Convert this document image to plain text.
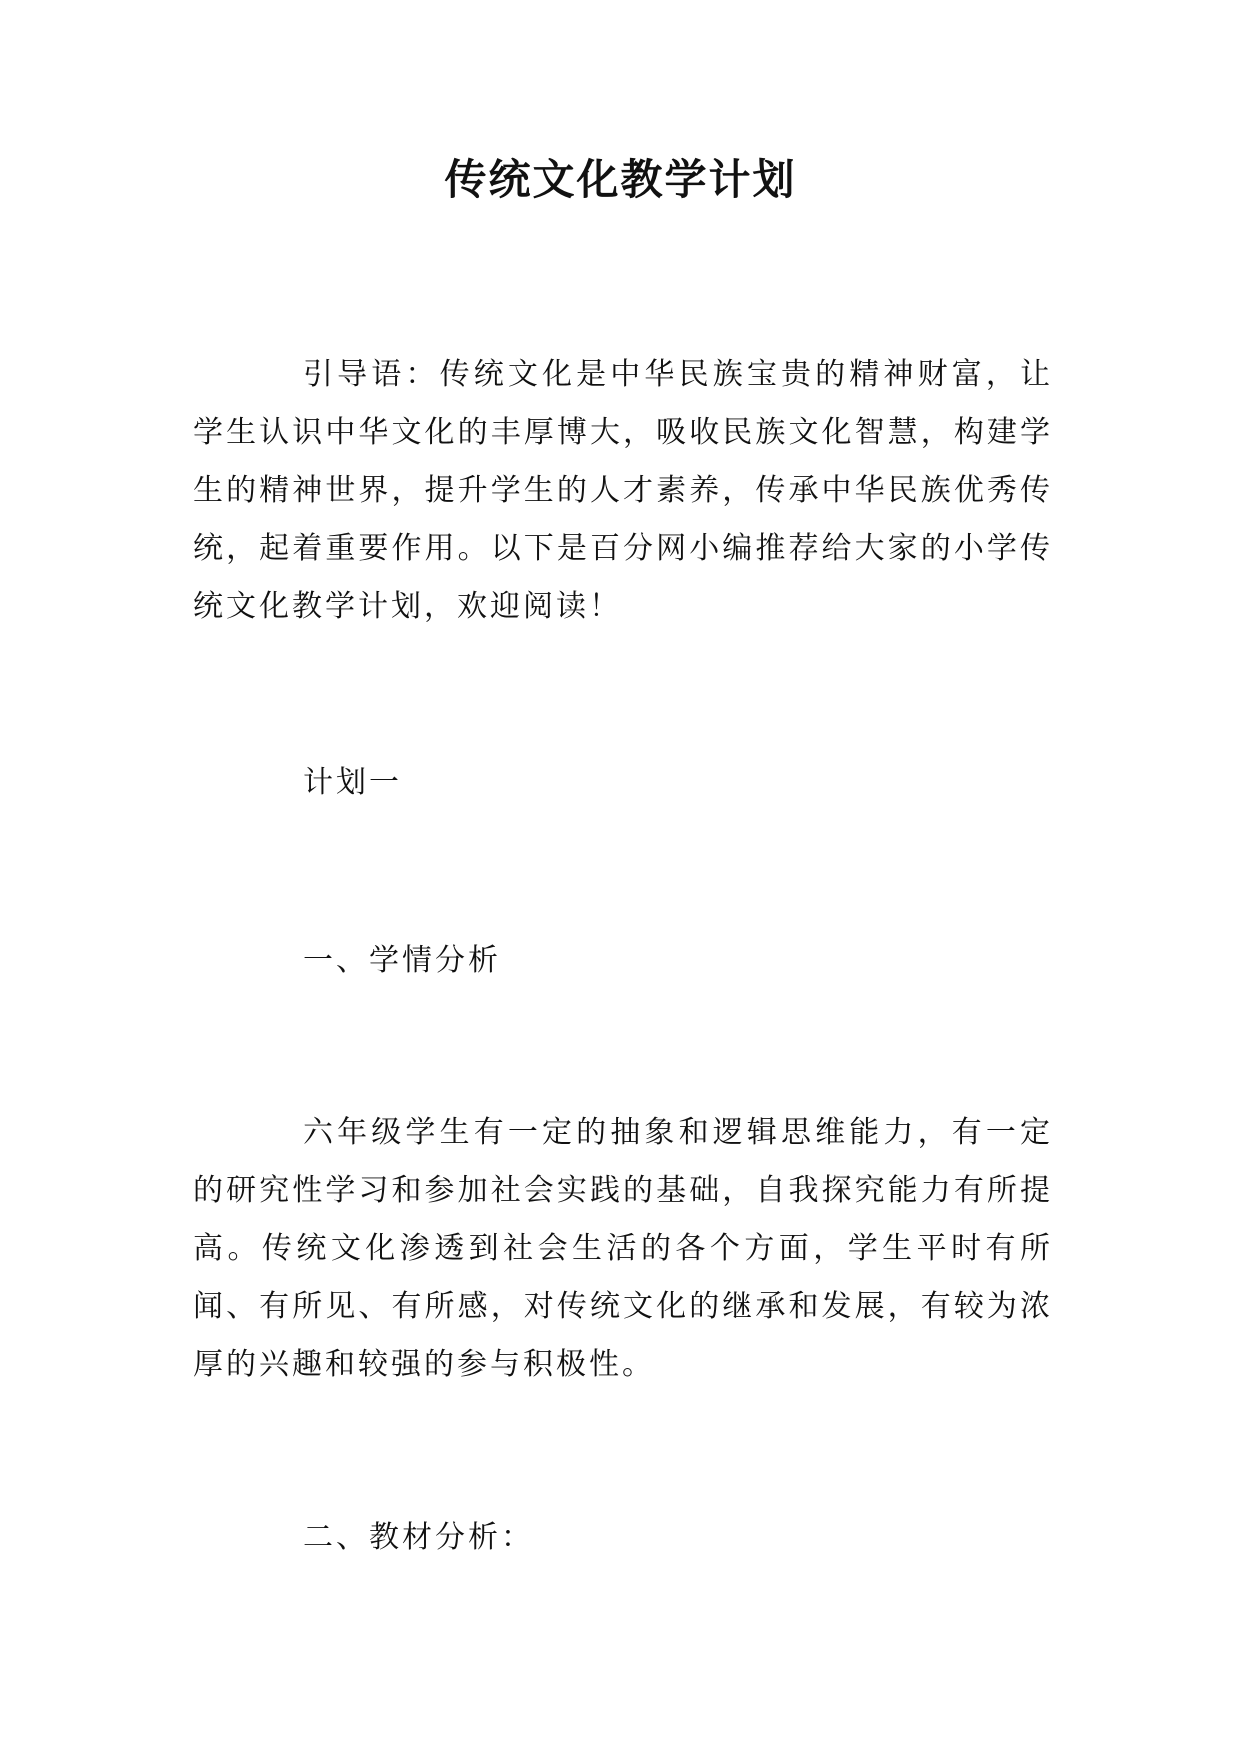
传统文化教学计划

引导语：传统文化是中华民族宝贵的精神财富，让学生认识中华文化的丰厚博大，吸收民族文化智慧，构建学生的精神世界，提升学生的人才素养，传承中华民族优秀传统，起着重要作用。以下是百分网小编推荐给大家的小学传统文化教学计划，欢迎阅读！

计划一

一、学情分析

六年级学生有一定的抽象和逻辑思维能力，有一定的研究性学习和参加社会实践的基础，自我探究能力有所提高。传统文化渗透到社会生活的各个方面，学生平时有所闻、有所见、有所感，对传统文化的继承和发展，有较为浓厚的兴趣和较强的参与积极性。

二、教材分析：
